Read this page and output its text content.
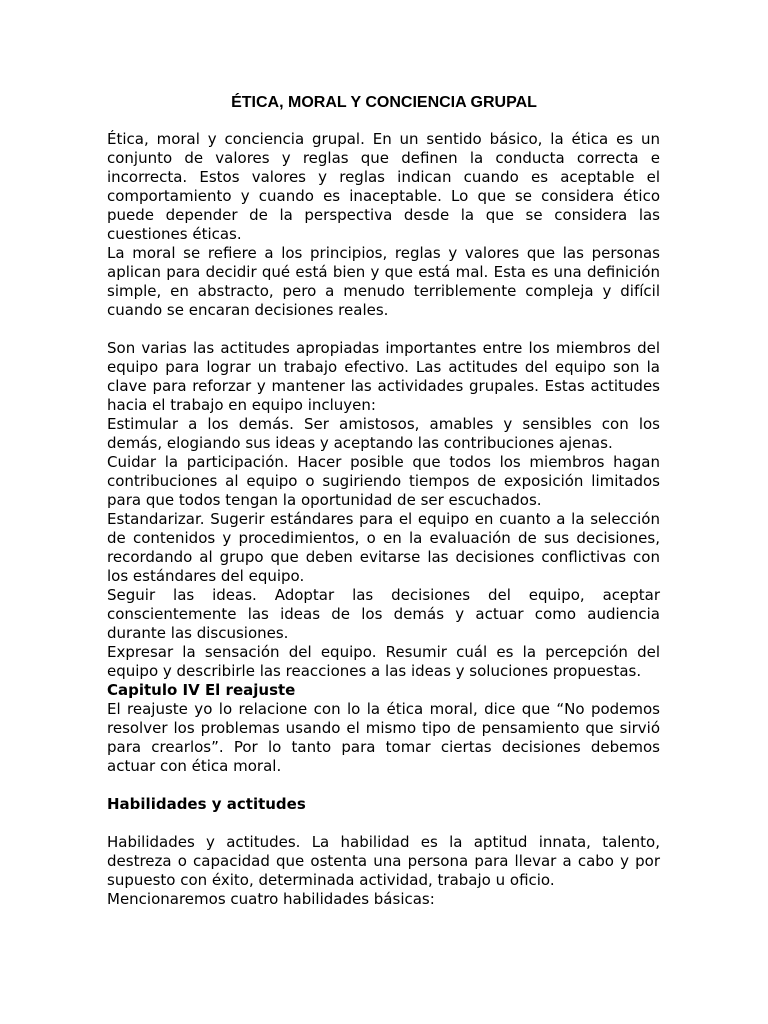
ÉTICA, MORAL Y CONCIENCIA GRUPAL

Ética, moral y conciencia grupal. En un sentido básico, la ética es un conjunto de valores y reglas que definen la conducta correcta e incorrecta. Estos valores y reglas indican cuando es aceptable el comportamiento y cuando es inaceptable. Lo que se considera ético puede depender de la perspectiva desde la que se considera las cuestiones éticas.

La moral se refiere a los principios, reglas y valores que las personas aplican para decidir qué está bien y que está mal. Esta es una definición simple, en abstracto, pero a menudo terriblemente compleja y difícil cuando se encaran decisiones reales.

Son varias las actitudes apropiadas importantes entre los miembros del equipo para lograr un trabajo efectivo. Las actitudes del equipo son la clave para reforzar y mantener las actividades grupales. Estas actitudes hacia el trabajo en equipo incluyen:

Estimular a los demás. Ser amistosos, amables y sensibles con los demás, elogiando sus ideas y aceptando las contribuciones ajenas.

Cuidar la participación. Hacer posible que todos los miembros hagan contribuciones al equipo o sugiriendo tiempos de exposición limitados para que todos tengan la oportunidad de ser escuchados.

Estandarizar. Sugerir estándares para el equipo en cuanto a la selección de contenidos y procedimientos, o en la evaluación de sus decisiones, recordando al grupo que deben evitarse las decisiones conflictivas con los estándares del equipo.

Seguir las ideas. Adoptar las decisiones del equipo, aceptar conscientemente las ideas de los demás y actuar como audiencia durante las discusiones.

Expresar la sensación del equipo. Resumir cuál es la percepción del equipo y describirle las reacciones a las ideas y soluciones propuestas.

Capitulo IV El reajuste

El reajuste yo lo relacione con lo la ética moral, dice que “No podemos resolver los problemas usando el mismo tipo de pensamiento que sirvió para crearlos”. Por lo tanto para tomar ciertas decisiones debemos actuar con ética moral.

Habilidades y actitudes

Habilidades y actitudes. La habilidad es la aptitud innata, talento, destreza o capacidad que ostenta una persona para llevar a cabo y por supuesto con éxito, determinada actividad, trabajo u oficio.

Mencionaremos cuatro habilidades básicas:
